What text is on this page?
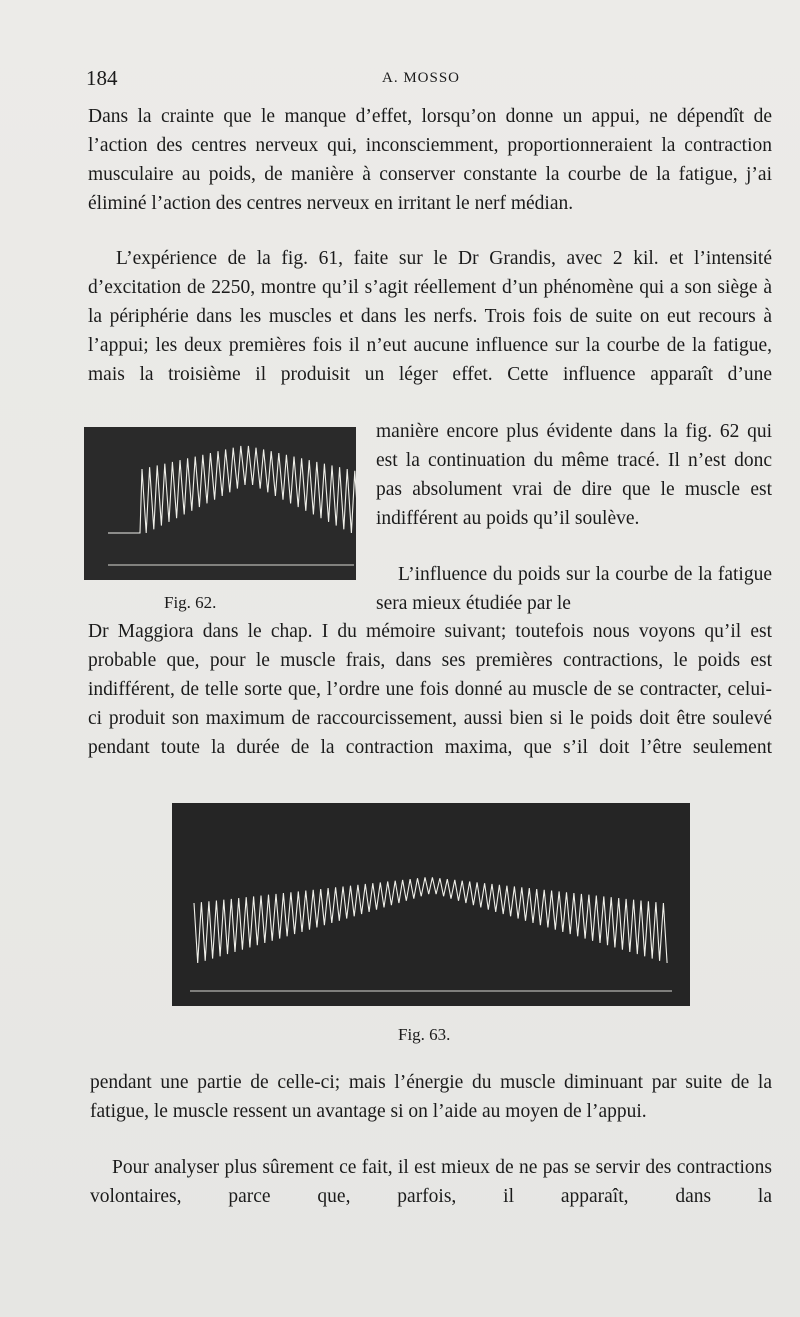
184	A. MOSSO

Dans la crainte que le manque d’effet, lorsqu’on donne un appui, ne dépendît de l’action des centres nerveux qui, inconsciemment, proportionneraient la contraction musculaire au poids, de manière à conserver constante la courbe de la fatigue, j’ai éliminé l’action des centres nerveux en irritant le nerf médian.

L’expérience de la fig. 61, faite sur le Dr Grandis, avec 2 kil. et l’intensité d’excitation de 2250, montre qu’il s’agit réellement d’un phénomène qui a son siège à la périphérie dans les muscles et dans les nerfs. Trois fois de suite on eut recours à l’appui; les deux premières fois il n’eut aucune influence sur la courbe de la fatigue, mais la troisième il produisit un léger effet. Cette influence apparaît d’une

manière encore plus évidente dans la fig. 62 qui est la continuation du même tracé. Il n’est donc pas absolument vrai de dire que le muscle est indifférent au poids qu’il soulève.

L’influence du poids sur la courbe de la fatigue sera mieux étudiée par le

Fig. 62.

Dr Maggiora dans le chap. I du mémoire suivant; toutefois nous voyons qu’il est probable que, pour le muscle frais, dans ses premières contractions, le poids est indifférent, de telle sorte que, l’ordre une fois donné au muscle de se contracter, celui-ci produit son maximum de raccourcissement, aussi bien si le poids doit être soulevé pendant toute la durée de la contraction maxima, que s’il doit l’être seulement

Fig. 63.

pendant une partie de celle-ci; mais l’énergie du muscle diminuant par suite de la fatigue, le muscle ressent un avantage si on l’aide au moyen de l’appui.

Pour analyser plus sûrement ce fait, il est mieux de ne pas se servir des contractions volontaires, parce que, parfois, il apparaît, dans la
